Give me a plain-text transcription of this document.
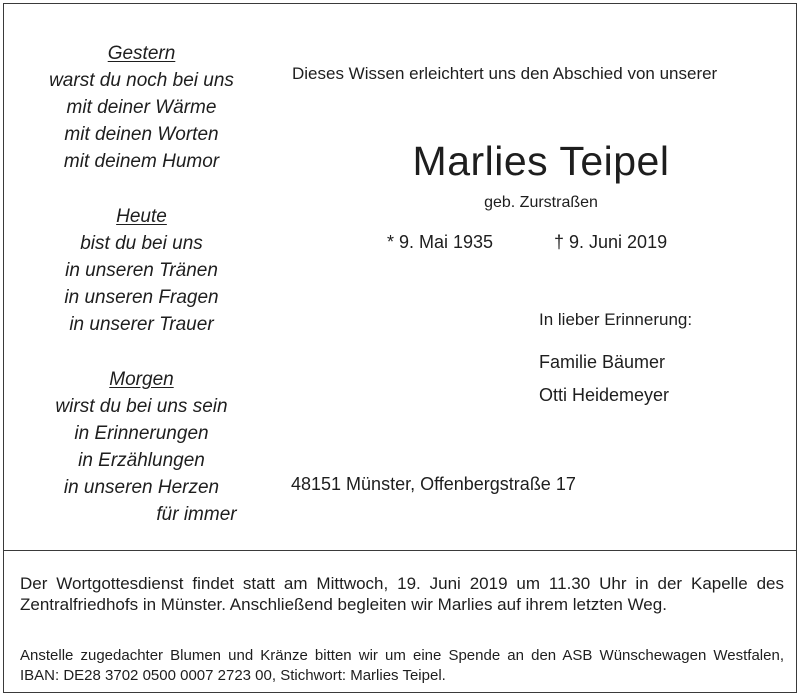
Gestern
warst du noch bei uns
mit deiner Wärme
mit deinen Worten
mit deinem Humor
Heute
bist du bei uns
in unseren Tränen
in unseren Fragen
in unserer Trauer
Morgen
wirst du bei uns sein
in Erinnerungen
in Erzählungen
in unseren Herzen
für immer
Dieses Wissen erleichtert uns den Abschied von unserer
Marlies Teipel
geb. Zurstraßen
* 9. Mai 1935	† 9. Juni 2019
In lieber Erinnerung:
Familie Bäumer
Otti Heidemeyer
48151 Münster, Offenbergstraße 17
Der Wortgottesdienst findet statt am Mittwoch, 19. Juni 2019 um 11.30 Uhr in der Kapelle des Zentralfriedhofs in Münster. Anschließend begleiten wir Marlies auf ihrem letzten Weg.
Anstelle zugedachter Blumen und Kränze bitten wir um eine Spende an den ASB Wünschewagen Westfalen, IBAN: DE28 3702 0500 0007 2723 00, Stichwort: Marlies Teipel.
